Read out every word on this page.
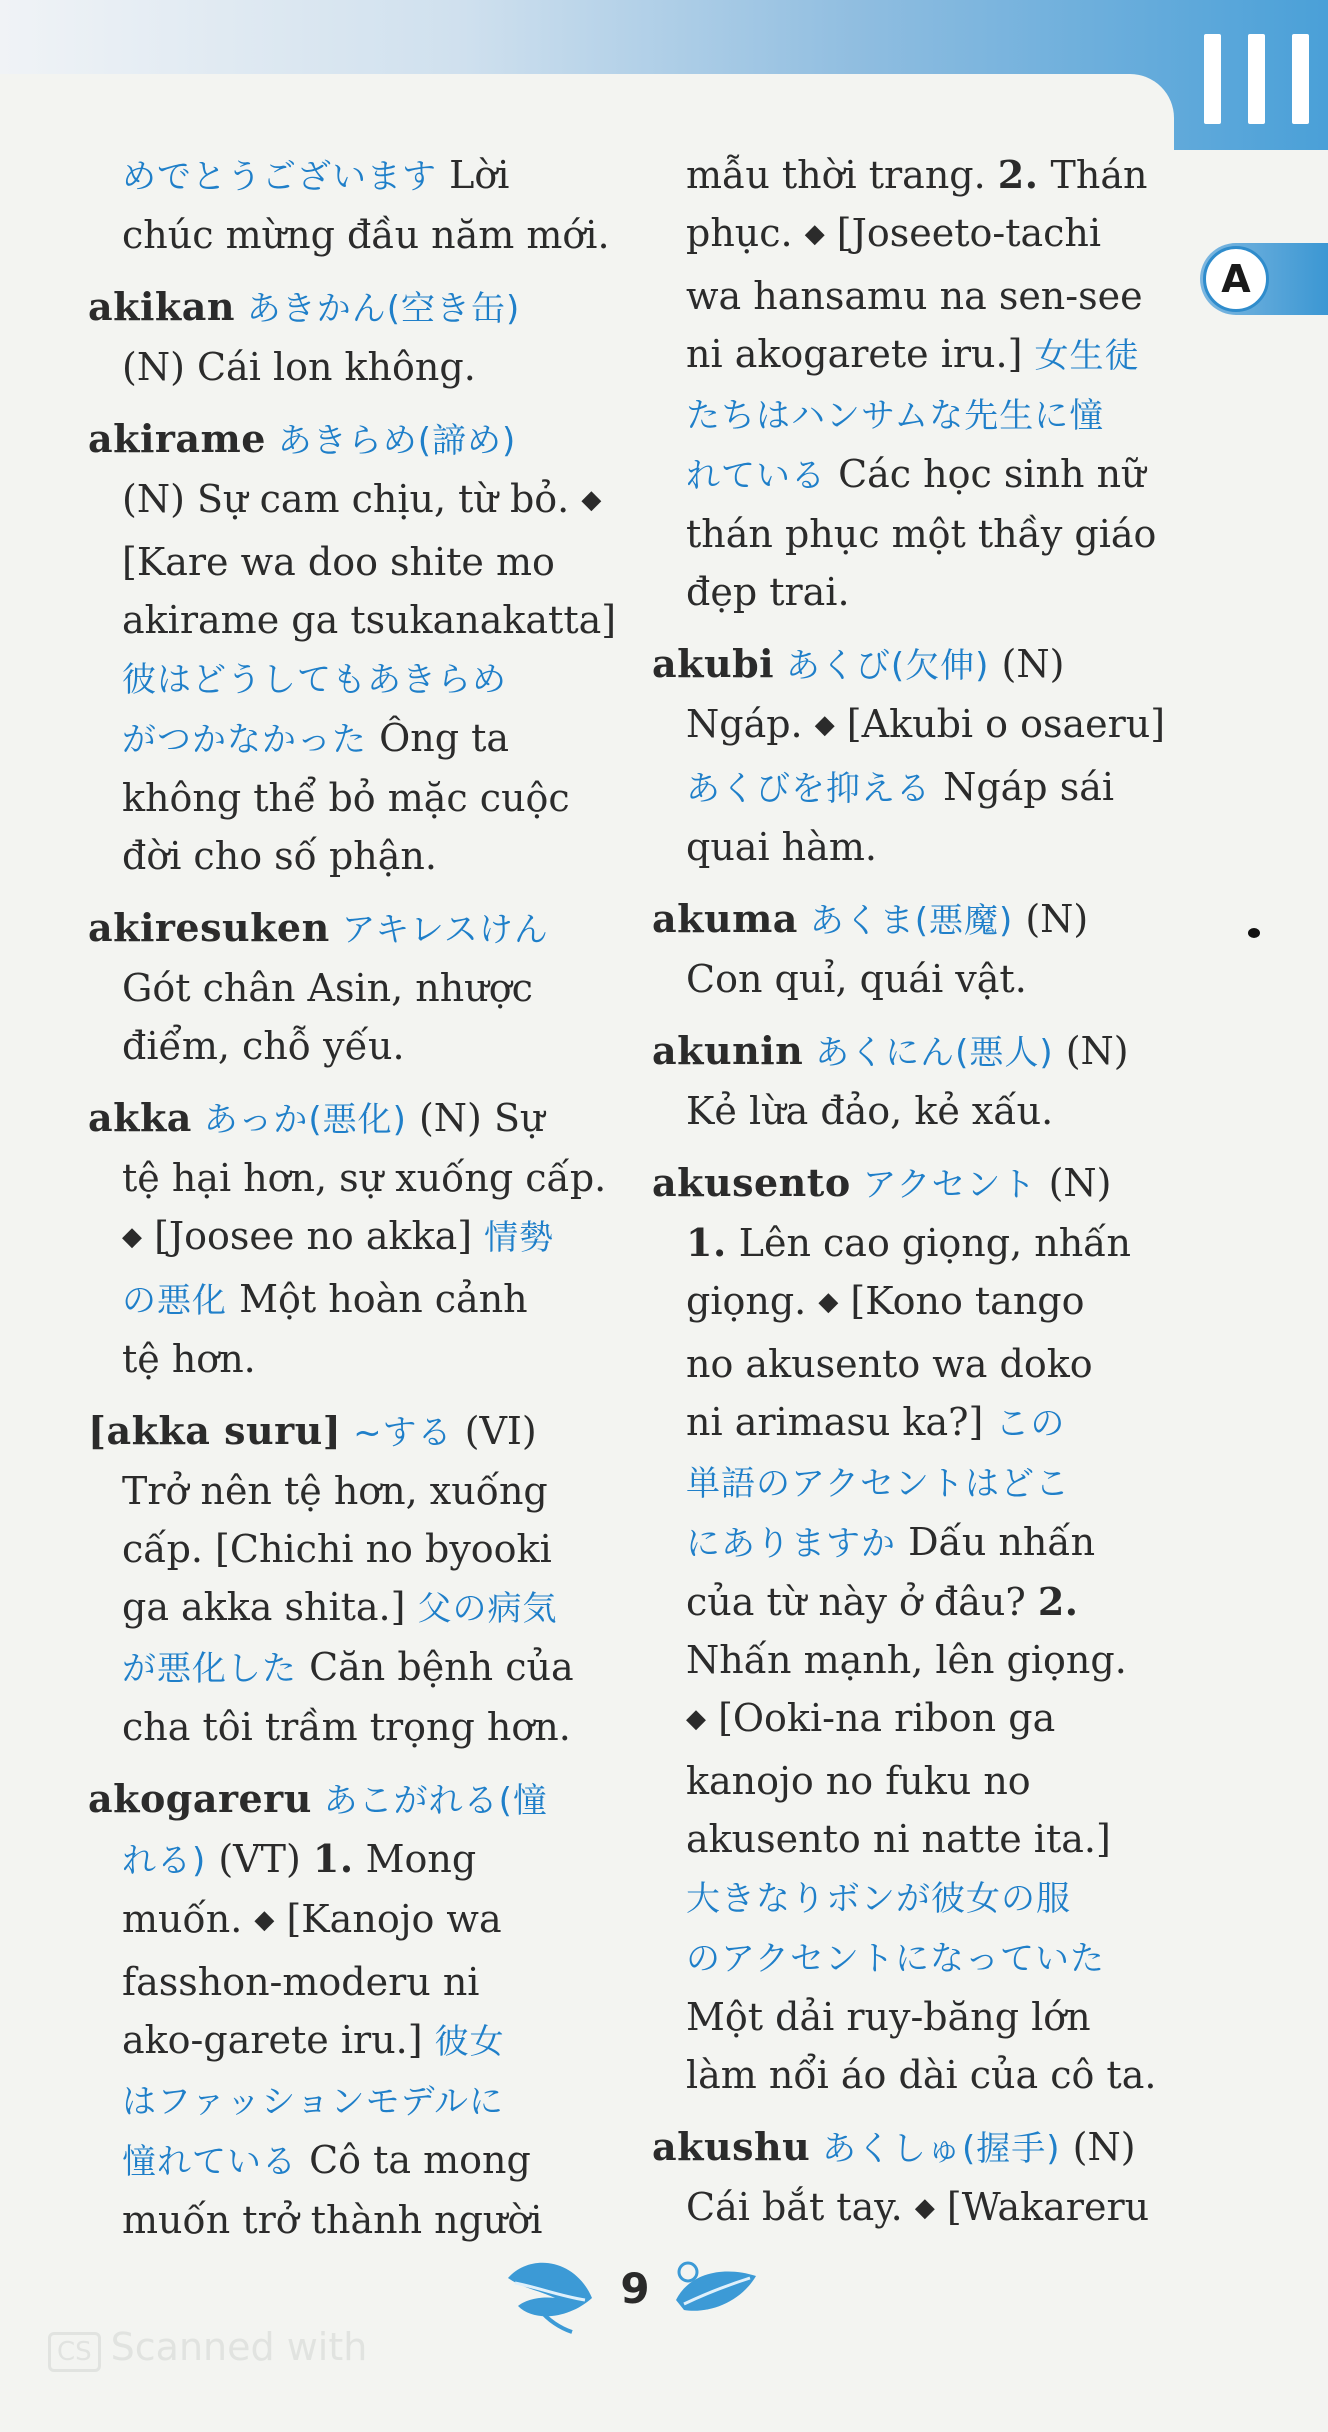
A
めでとうございます Lời
chúc mừng đầu năm mới.
akikan あきかん(空き缶)
(N) Cái lon không.
akirame あきらめ(諦め)
(N) Sự cam chịu, từ bỏ. ◆
[Kare wa doo shite mo
akirame ga tsukanakatta]
彼はどうしてもあきらめ
がつかなかった Ông ta
không thể bỏ mặc cuộc
đời cho số phận.
akiresuken アキレスけん
Gót chân Asin, nhược
điểm, chỗ yếu.
akka あっか(悪化) (N) Sự
tệ hại hơn, sự xuống cấp.
◆ [Joosee no akka] 情勢
の悪化 Một hoàn cảnh
tệ hơn.
[akka suru] ~する (VI)
Trở nên tệ hơn, xuống
cấp. [Chichi no byooki
ga akka shita.] 父の病気
が悪化した Căn bệnh của
cha tôi trầm trọng hơn.
akogareru あこがれる(憧
れる) (VT) 1. Mong
muốn. ◆ [Kanojo wa
fasshon-moderu ni
ako-garete iru.] 彼女
はファッションモデルに
憧れている Cô ta mong
muốn trở thành người
mẫu thời trang. 2. Thán
phục. ◆ [Joseeto-tachi
wa hansamu na sen-see
ni akogarete iru.] 女生徒
たちはハンサムな先生に憧
れている Các học sinh nữ
thán phục một thầy giáo
đẹp trai.
akubi あくび(欠伸) (N)
Ngáp. ◆ [Akubi o osaeru]
あくびを抑える Ngáp sái
quai hàm.
akuma あくま(悪魔) (N)
Con quỉ, quái vật.
akunin あくにん(悪人) (N)
Kẻ lừa đảo, kẻ xấu.
akusento アクセント (N)
1. Lên cao giọng, nhấn
giọng. ◆ [Kono tango
no akusento wa doko
ni arimasu ka?] この
単語のアクセントはどこ
にありますか Dấu nhấn
của từ này ở đâu? 2.
Nhấn mạnh, lên giọng.
◆ [Ooki-na ribon ga
kanojo no fuku no
akusento ni natte ita.]
大きなりボンが彼女の服
のアクセントになっていた
Một dải ruy-băng lớn
làm nổi áo dài của cô ta.
akushu あくしゅ(握手) (N)
Cái bắt tay. ◆ [Wakareru
9
CS Scanned with
